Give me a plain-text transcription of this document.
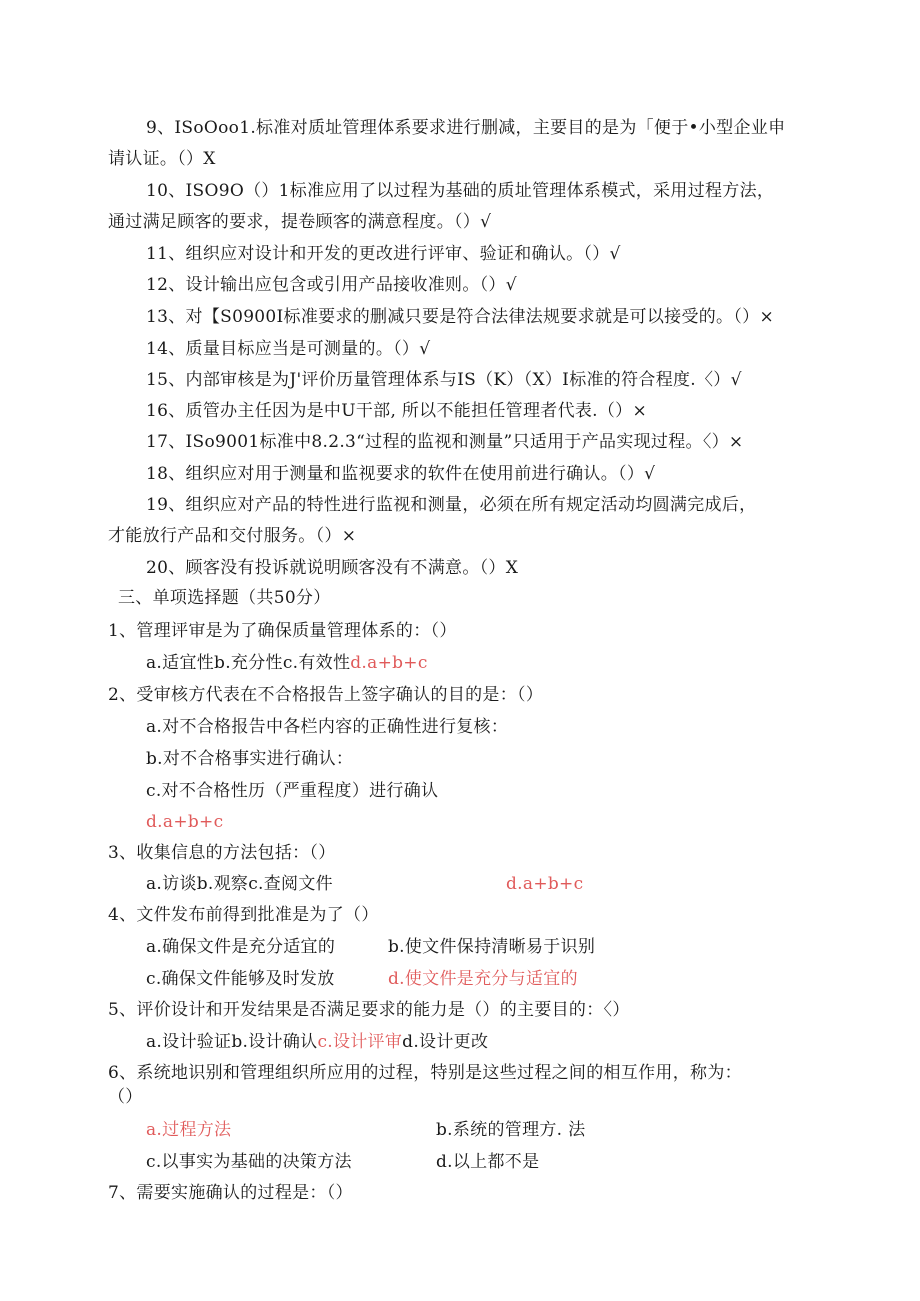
9、ISoOoo1.标准对质址管理体系要求进行删减，主要目的是为「便于•小型企业申
请认证。（）X
10、ISO9O（）1标准应用了以过程为基础的质址管理体系模式，采用过程方法，
通过满足顾客的要求，提卷顾客的满意程度。（）√
11、组织应对设计和开发的更改进行评审、验证和确认。（）√
12、设计输出应包含或引用产品接收准则。（）√
13、对【S0900I标准要求的删减只要是符合法律法规要求就是可以接受的。（）×
14、质量目标应当是可测量的。（）√
15、内部审核是为J'评价历量管理体系与IS（K）（X）I标准的符合程度.〈）√
16、质管办主任因为是中U干部, 所以不能担任管理者代表.（）×
17、ISo9001标准中8.2.3“过程的监视和测量”只适用于产品实现过程。〈）×
18、组织应对用于测量和监视要求的软件在使用前进行确认。（）√
19、组织应对产品的特性进行监视和测量，必须在所有规定活动均圆满完成后，
才能放行产品和交付服务。（）×
20、顾客没有投诉就说明顾客没有不满意。（）X
三、单项选择题（共50分）
1、管理评审是为了确保质量管理体系的：（）
a.适宜性b.充分性c.有效性d.a+b+c
2、受审核方代表在不合格报告上签字确认的目的是：（）
a.对不合格报告中各栏内容的正确性进行复核：
b.对不合格事实进行确认：
c.对不合格性历（严重程度）进行确认
d.a+b+c
3、收集信息的方法包括：（）
a.访谈b.观察c.查阅文件	d.a+b+c
4、文件发布前得到批准是为了（）
a.确保文件是充分适宜的	b.使文件保持清晰易于识别
c.确保文件能够及时发放	d.使文件是充分与适宜的
5、评价设计和开发结果是否满足要求的能力是（）的主要目的：〈）
a.设计验证b.设计确认c.设计评审d.设计更改
6、系统地识别和管理组织所应用的过程，特别是这些过程之间的相互作用，称为：
（）
a.过程方法	b.系统的管理方. 法
c.以事实为基础的决策方法	d.以上都不是
7、需要实施确认的过程是：（）
